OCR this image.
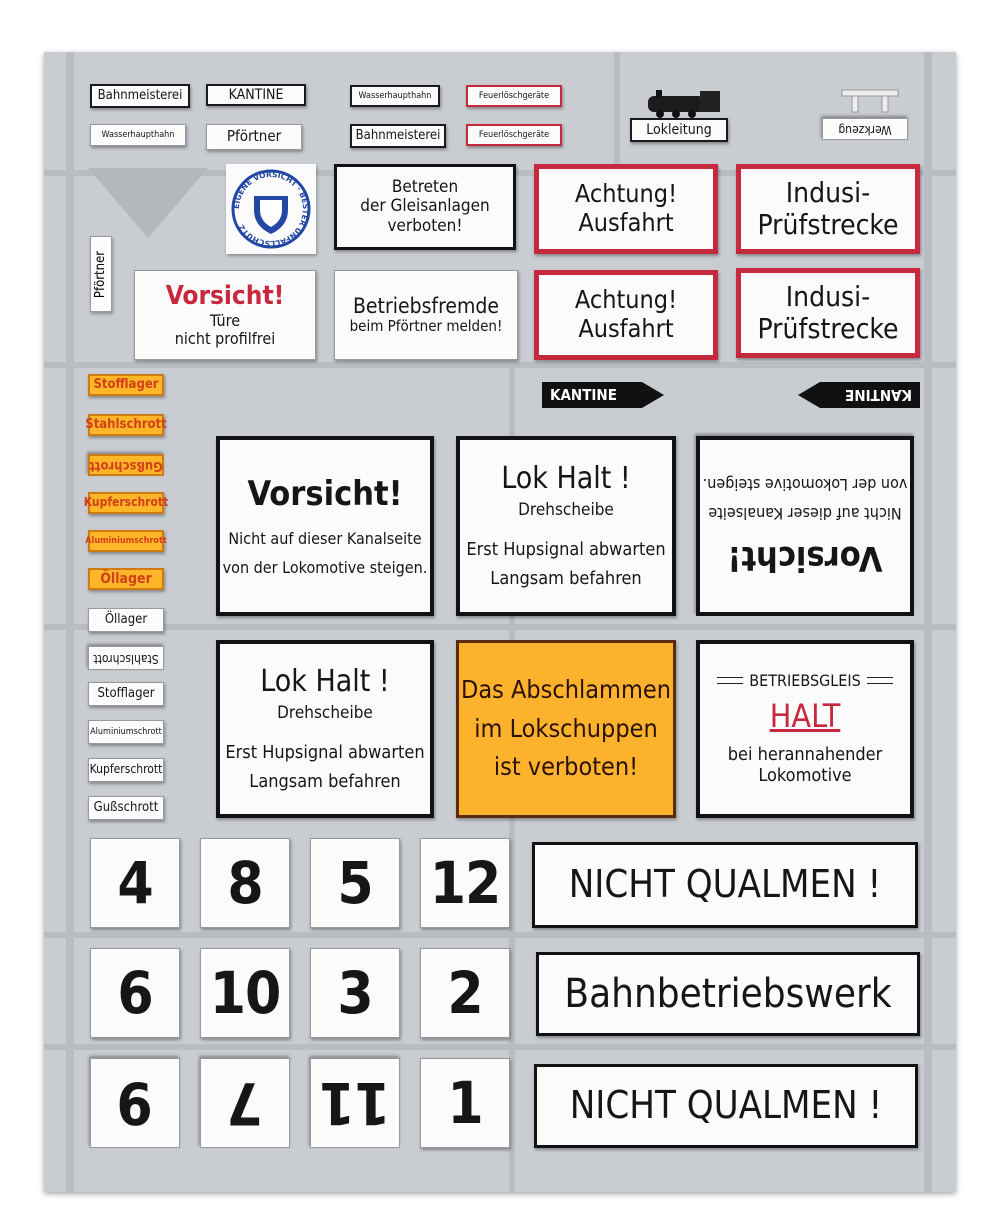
Bahnmeisterei	KANTINE	Wasserhaupthahn	Feuerlöschgeräte
Wasserhaupthahn	Pförtner	Bahnmeisterei	Feuerlöschgeräte	Lokleitung	Werkzeug
Pförtner
EIGENE VORSICHT · BESTER UNFALLSCHUTZ
Betreten
der Gleisanlagen
verboten!
Achtung! Ausfahrt
Achtung! Ausfahrt
Indusi-
Prüfstrecke
Indusi-
Prüfstrecke
Vorsicht!
Türe
nicht profilfrei
Betriebsfremde
beim Pförtner melden!
KANTINE	KANTINE
Stofflager
Stahlschrott
Gußschrott
Kupferschrott
Aluminiumschrott
Öllager
Öllager
Stahlschrott
Stofflager
Aluminiumschrott
Kupferschrott
Gußschrott
Vorsicht!
Nicht auf dieser Kanalseite
von der Lokomotive steigen.
Lok Halt !
Drehscheibe
Erst Hupsignal abwarten
Langsam befahren
Vorsicht!
Nicht auf dieser Kanalseite
von der Lokomotive steigen.
Lok Halt !
Drehscheibe
Erst Hupsignal abwarten
Langsam befahren
Das Abschlammen
im Lokschuppen
ist verboten!
BETRIEBSGLEIS
HALT
bei herannahender
Lokomotive
4	8	5 12
6 10 3	2
9	7 11 1
NICHT QUALMEN !
Bahnbetriebswerk
NICHT QUALMEN !
